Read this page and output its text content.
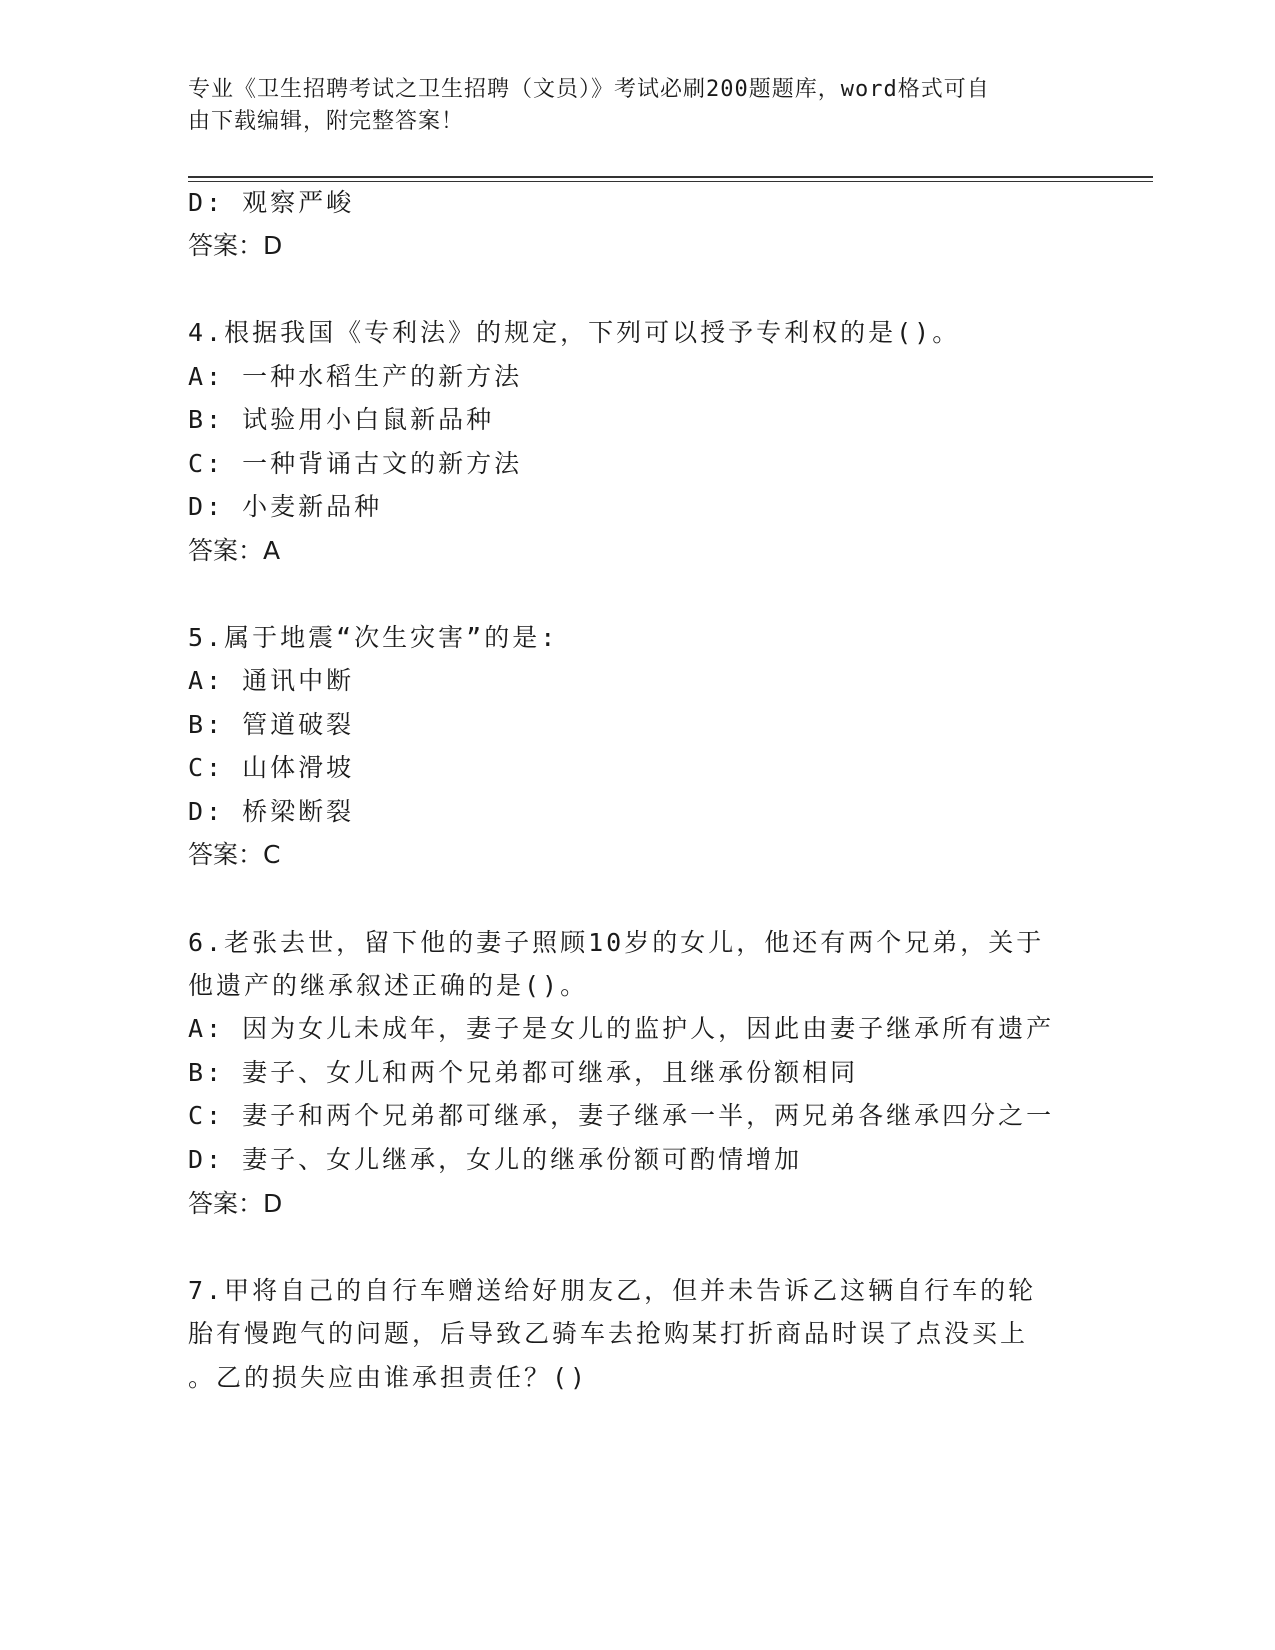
专业《卫生招聘考试之卫生招聘（文员）》考试必刷200题题库，word格式可自
由下载编辑，附完整答案！
D: 观察严峻
答案：D
4.根据我国《专利法》的规定，下列可以授予专利权的是()。
A: 一种水稻生产的新方法
B: 试验用小白鼠新品种
C: 一种背诵古文的新方法
D: 小麦新品种
答案：A
5.属于地震“次生灾害”的是:
A: 通讯中断
B: 管道破裂
C: 山体滑坡
D: 桥梁断裂
答案：C
6.老张去世，留下他的妻子照顾10岁的女儿，他还有两个兄弟，关于
他遗产的继承叙述正确的是()。
A: 因为女儿未成年，妻子是女儿的监护人，因此由妻子继承所有遗产
B: 妻子、女儿和两个兄弟都可继承，且继承份额相同
C: 妻子和两个兄弟都可继承，妻子继承一半，两兄弟各继承四分之一
D: 妻子、女儿继承，女儿的继承份额可酌情增加
答案：D
7.甲将自己的自行车赠送给好朋友乙，但并未告诉乙这辆自行车的轮
胎有慢跑气的问题，后导致乙骑车去抢购某打折商品时误了点没买上
。乙的损失应由谁承担责任？()
